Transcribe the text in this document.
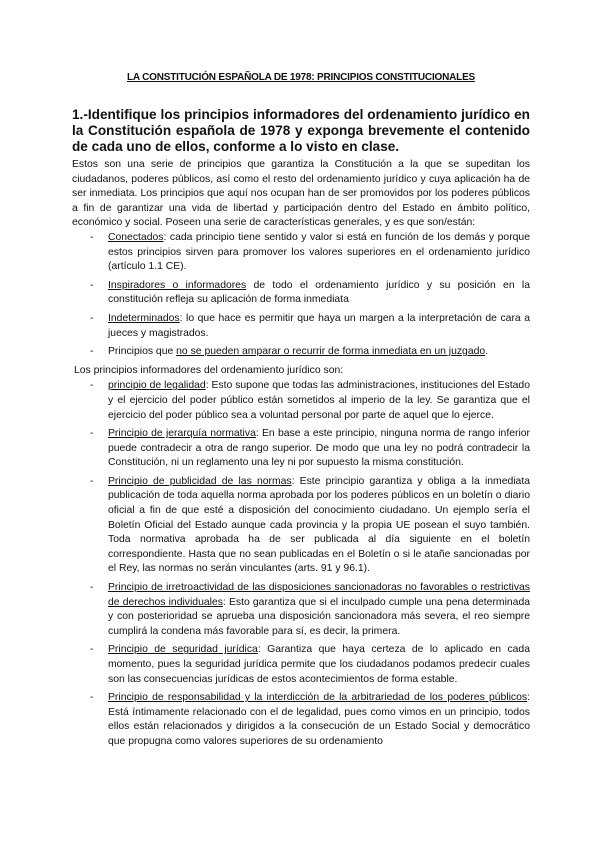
LA CONSTITUCIÓN ESPAÑOLA DE 1978: PRINCIPIOS CONSTITUCIONALES

1.-Identifique los principios informadores del ordenamiento jurídico en la Constitución española de 1978 y exponga brevemente el contenido de cada uno de ellos, conforme a lo visto en clase.

Estos son una serie de principios que garantiza la Constitución a la que se supeditan los ciudadanos, poderes públicos, así como el resto del ordenamiento jurídico y cuya aplicación ha de ser inmediata. Los principios que aquí nos ocupan han de ser promovidos por los poderes públicos a fin de garantizar una vida de libertad y participación dentro del Estado en ámbito político, económico y social. Poseen una serie de características generales, y es que son/están:

- Conectados: cada principio tiene sentido y valor si está en función de los demás y porque estos principios sirven para promover los valores superiores en el ordenamiento jurídico (artículo 1.1 CE).
- Inspiradores o informadores de todo el ordenamiento jurídico y su posición en la constitución refleja su aplicación de forma inmediata
- Indeterminados: lo que hace es permitir que haya un margen a la interpretación de cara a jueces y magistrados.
- Principios que no se pueden amparar o recurrir de forma inmediata en un juzgado.

Los principios informadores del ordenamiento jurídico son:

- principio de legalidad: Esto supone que todas las administraciones, instituciones del Estado y el ejercicio del poder público están sometidos al imperio de la ley. Se garantiza que el ejercicio del poder público sea a voluntad personal por parte de aquel que lo ejerce.
- Principio de jerarquía normativa: En base a este principio, ninguna norma de rango inferior puede contradecir a otra de rango superior. De modo que una ley no podrá contradecir la Constitución, ni un reglamento una ley ni por supuesto la misma constitución.
- Principio de publicidad de las normas: Este principio garantiza y obliga a la inmediata publicación de toda aquella norma aprobada por los poderes públicos en un boletín o diario oficial a fin de que esté a disposición del conocimiento ciudadano. Un ejemplo sería el Boletín Oficial del Estado aunque cada provincia y la propia UE posean el suyo también. Toda normativa aprobada ha de ser publicada al día siguiente en el boletín correspondiente. Hasta que no sean publicadas en el Boletín o si le atañe sancionadas por el Rey, las normas no serán vinculantes (arts. 91 y 96.1).
- Principio de irretroactividad de las disposiciones sancionadoras no favorables o restrictivas de derechos individuales: Esto garantiza que si el inculpado cumple una pena determinada y con posterioridad se aprueba una disposición sancionadora más severa, el reo siempre cumplirá la condena más favorable para sí, es decir, la primera.
- Principio de seguridad jurídica: Garantiza que haya certeza de lo aplicado en cada momento, pues la seguridad jurídica permite que los ciudadanos podamos predecir cuales son las consecuencias jurídicas de estos acontecimientos de forma estable.
- Principio de responsabilidad y la interdicción de la arbitrariedad de los poderes públicos: Está íntimamente relacionado con el de legalidad, pues como vimos en un principio, todos ellos están relacionados y dirigidos a la consecución de un Estado Social y democrático que propugna como valores superiores de su ordenamiento
